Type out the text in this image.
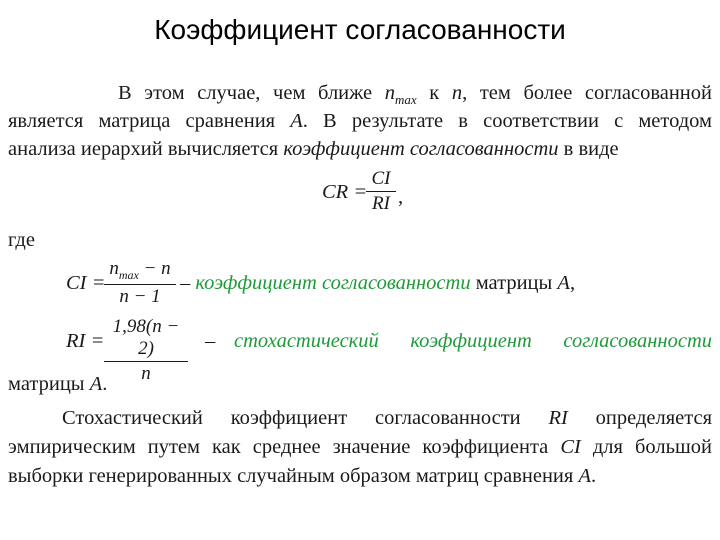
Коэффициент согласованности
В этом случае, чем ближе $n_{max}$ к n, тем более согласованной
является матрица сравнения A. В результате в соответствии с методом
анализа иерархий вычисляется коэффициент согласованности в виде
CR =
$\frac{CI}{RI}$ ,
где
CI =
$n_{max} - n$
n − 1
– коэффициент согласованности матрицы A,
RI = $\frac{1,98(n - 2)}{n}$ – стохастический коэффициент согласованности
матрицы A.
Стохастический коэффициент согласованности RI определяется
эмпирическим путем как среднее значение коэффициента CI для большой
выборки генерированных случайным образом матриц сравнения A.
